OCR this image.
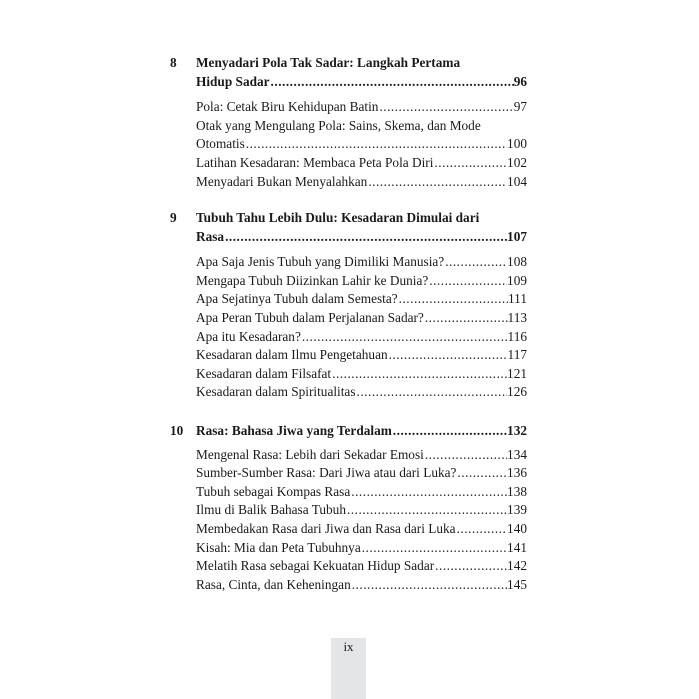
8 Menyadari Pola Tak Sadar: Langkah Pertama
Hidup Sadar .....	96
Pola: Cetak Biru Kehidupan Batin .....	97
Otak yang Mengulang Pola: Sains, Skema, dan Mode
Otomatis .....	100
Latihan Kesadaran: Membaca Peta Pola Diri .....	102
Menyadari Bukan Menyalahkan .....	104
9 Tubuh Tahu Lebih Dulu: Kesadaran Dimulai dari
Rasa .....	107
Apa Saja Jenis Tubuh yang Dimiliki Manusia? .....	108
Mengapa Tubuh Diizinkan Lahir ke Dunia? .....	109
Apa Sejatinya Tubuh dalam Semesta? .....	111
Apa Peran Tubuh dalam Perjalanan Sadar? .....	113
Apa itu Kesadaran? .....	116
Kesadaran dalam Ilmu Pengetahuan .....	117
Kesadaran dalam Filsafat .....	121
Kesadaran dalam Spiritualitas .....	126
10 Rasa: Bahasa Jiwa yang Terdalam .....	132
Mengenal Rasa: Lebih dari Sekadar Emosi .....	134
Sumber-Sumber Rasa: Dari Jiwa atau dari Luka? .....	136
Tubuh sebagai Kompas Rasa .....	138
Ilmu di Balik Bahasa Tubuh .....	139
Membedakan Rasa dari Jiwa dan Rasa dari Luka .....	140
Kisah: Mia dan Peta Tubuhnya .....	141
Melatih Rasa sebagai Kekuatan Hidup Sadar .....	142
Rasa, Cinta, dan Keheningan .....	145
ix
